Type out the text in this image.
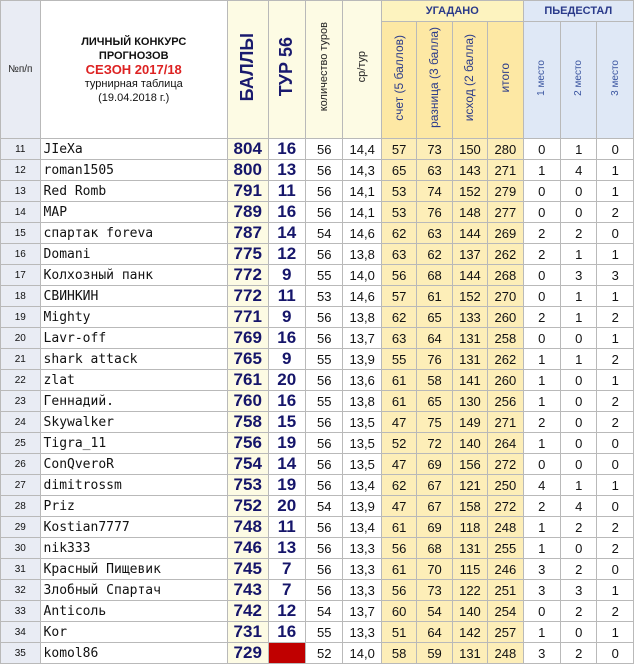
№п/п	ЛИЧНЫЙ КОНКУРС
ПРОГНОЗОВ
СЕЗОН 2017/18
турнирная таблица
(19.04.2018 г.)	БАЛЛЫ	ТУР 56	количество туров	ср/тур	УГАДАНО				ПЬЕДЕСТАЛ		
						счет (5 баллов)	разница (3 балла)	исход (2 балла)	итого	1 место	2 место	3 место
11	JIeXa	804	16	56	14,4	57	73	150	280	0	1	0
12	roman1505	800	13	56	14,3	65	63	143	271	1	4	1
13	Red Romb	791	11	56	14,1	53	74	152	279	0	0	1
14	MAP	789	16	56	14,1	53	76	148	277	0	0	2
15	спартак foreva	787	14	54	14,6	62	63	144	269	2	2	0
16	Domani	775	12	56	13,8	63	62	137	262	2	1	1
17	Колхозный панк	772	9	55	14,0	56	68	144	268	0	3	3
18	СВИНКИН	772	11	53	14,6	57	61	152	270	0	1	1
19	Mighty	771	9	56	13,8	62	65	133	260	2	1	2
20	Lavr-off	769	16	56	13,7	63	64	131	258	0	0	1
21	shark attack	765	9	55	13,9	55	76	131	262	1	1	2
22	zlat	761	20	56	13,6	61	58	141	260	1	0	1
23	Геннадий.	760	16	55	13,8	61	65	130	256	1	0	2
24	Skywalker	758	15	56	13,5	47	75	149	271	2	0	2
25	Tigra_11	756	19	56	13,5	52	72	140	264	1	0	0
26	ConQveroR	754	14	56	13,5	47	69	156	272	0	0	0
27	dimitrossm	753	19	56	13,4	62	67	121	250	4	1	1
28	Priz	752	20	54	13,9	47	67	158	272	2	4	0
29	Kostian7777	748	11	56	13,4	61	69	118	248	1	2	2
30	nik333	746	13	56	13,3	56	68	131	255	1	0	2
31	Красный Пищевик	745	7	56	13,3	61	70	115	246	3	2	0
32	Злобный Спартач	743	7	56	13,3	56	73	122	251	3	3	1
33	Anticoль	742	12	54	13,7	60	54	140	254	0	2	2
34	Kor	731	16	55	13,3	51	64	142	257	1	0	1
35	komol86	729		52	14,0	58	59	131	248	3	2	0
